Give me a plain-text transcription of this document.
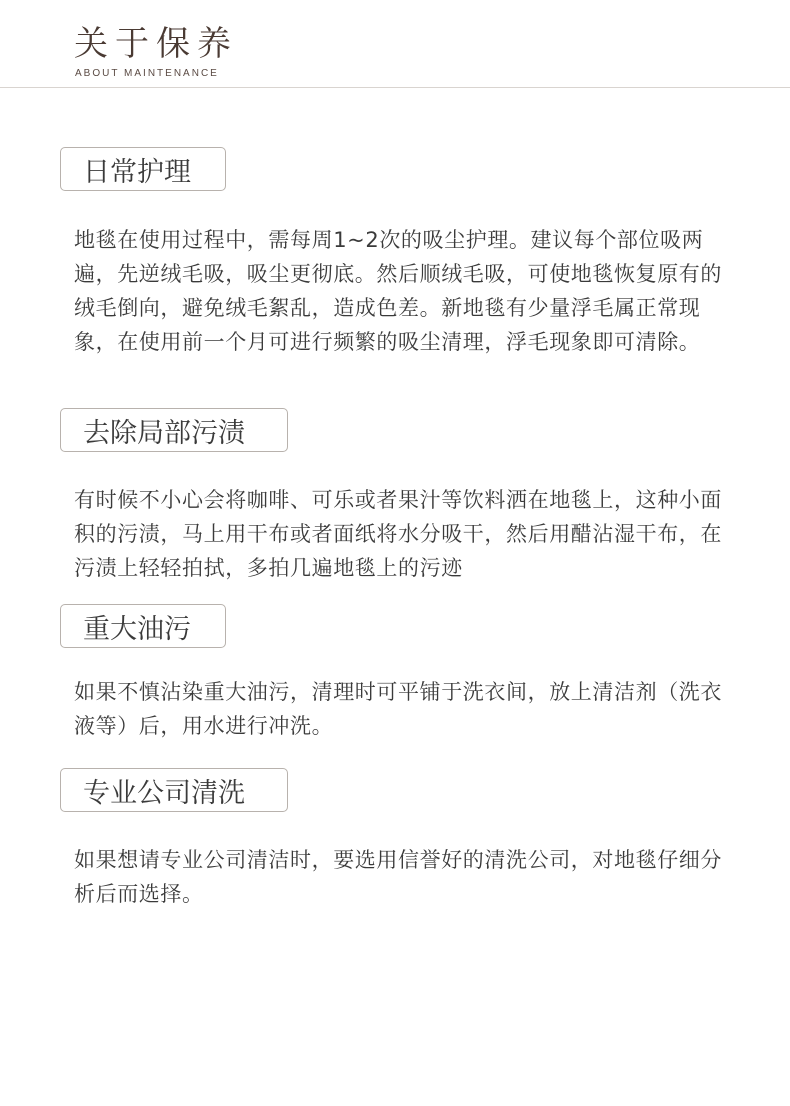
关于保养
ABOUT MAINTENANCE
日常护理

地毯在使用过程中，需每周1~2次的吸尘护理。建议每个部位吸两遍，先逆绒毛吸，吸尘更彻底。然后顺绒毛吸，可使地毯恢复原有的绒毛倒向，避免绒毛絮乱，造成色差。新地毯有少量浮毛属正常现象，在使用前一个月可进行频繁的吸尘清理，浮毛现象即可清除。

去除局部污渍

有时候不小心会将咖啡、可乐或者果汁等饮料洒在地毯上，这种小面积的污渍，马上用干布或者面纸将水分吸干，然后用醋沾湿干布，在污渍上轻轻拍拭，多拍几遍地毯上的污迹

重大油污

如果不慎沾染重大油污，清理时可平铺于洗衣间，放上清洁剂（洗衣液等）后，用水进行冲洗。

专业公司清洗

如果想请专业公司清洁时，要选用信誉好的清洗公司，对地毯仔细分析后而选择。
